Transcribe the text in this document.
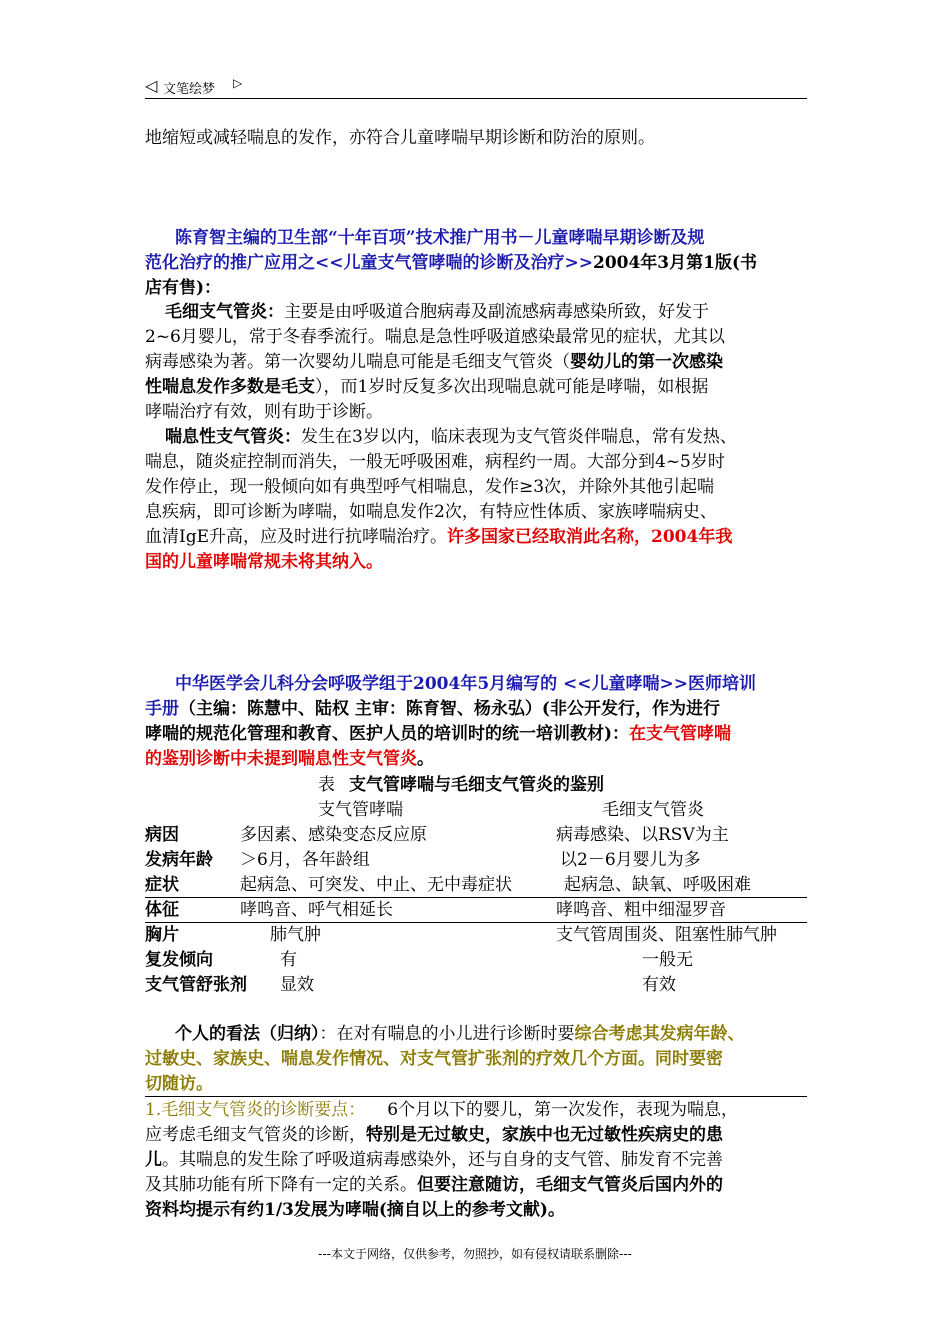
◁ 文笔绘梦 ▷
地缩短或减轻喘息的发作，亦符合儿童哮喘早期诊断和防治的原则。
陈育智主编的卫生部“十年百项”技术推广用书－儿童哮喘早期诊断及规
范化治疗的推广应用之<<儿童支气管哮喘的诊断及治疗>>2004年3月第1版(书
店有售)：
毛细支气管炎：主要是由呼吸道合胞病毒及副流感病毒感染所致，好发于
2~6月婴儿，常于冬春季流行。喘息是急性呼吸道感染最常见的症状，尤其以
病毒感染为著。第一次婴幼儿喘息可能是毛细支气管炎（婴幼儿的第一次感染
性喘息发作多数是毛支），而1岁时反复多次出现喘息就可能是哮喘，如根据
哮喘治疗有效，则有助于诊断。
喘息性支气管炎：发生在3岁以内，临床表现为支气管炎伴喘息，常有发热、
喘息，随炎症控制而消失，一般无呼吸困难，病程约一周。大部分到4~5岁时
发作停止，现一般倾向如有典型呼气相喘息，发作≥3次，并除外其他引起喘
息疾病，即可诊断为哮喘，如喘息发作2次，有特应性体质、家族哮喘病史、
血清IgE升高，应及时进行抗哮喘治疗。许多国家已经取消此名称，2004年我
国的儿童哮喘常规未将其纳入。
中华医学会儿科分会呼吸学组于2004年5月编写的 <<儿童哮喘>>医师培训
手册（主编：陈慧中、陆权 主审：陈育智、杨永弘）(非公开发行，作为进行
哮喘的规范化管理和教育、医护人员的培训时的统一培训教材)：在支气管哮喘
的鉴别诊断中未提到喘息性支气管炎。
表 支气管哮喘与毛细支气管炎的鉴别
支气管哮喘	毛细支气管炎
病因	多因素、感染变态反应原	病毒感染、以RSV为主
发病年龄 ＞6月，各年龄组	以2－6月婴儿为多
症状	起病急、可突发、中止、无中毒症状	起病急、缺氧、呼吸困难
体征	哮鸣音、呼气相延长	哮鸣音、粗中细湿罗音
胸片	肺气肿	支气管周围炎、阻塞性肺气肿
复发倾向	有	一般无
支气管舒张剂 显效	有效
个人的看法（归纳）：在对有喘息的小儿进行诊断时要综合考虑其发病年龄、
过敏史、家族史、喘息发作情况、对支气管扩张剂的疗效几个方面。同时要密
切随访。
1.毛细支气管炎的诊断要点： 6个月以下的婴儿，第一次发作，表现为喘息，
应考虑毛细支气管炎的诊断，特别是无过敏史，家族中也无过敏性疾病史的患
儿。其喘息的发生除了呼吸道病毒感染外，还与自身的支气管、肺发育不完善
及其肺功能有所下降有一定的关系。但要注意随访，毛细支气管炎后国内外的
资料均提示有约1/3发展为哮喘(摘自以上的参考文献)。
---本文于网络，仅供参考，勿照抄，如有侵权请联系删除---
